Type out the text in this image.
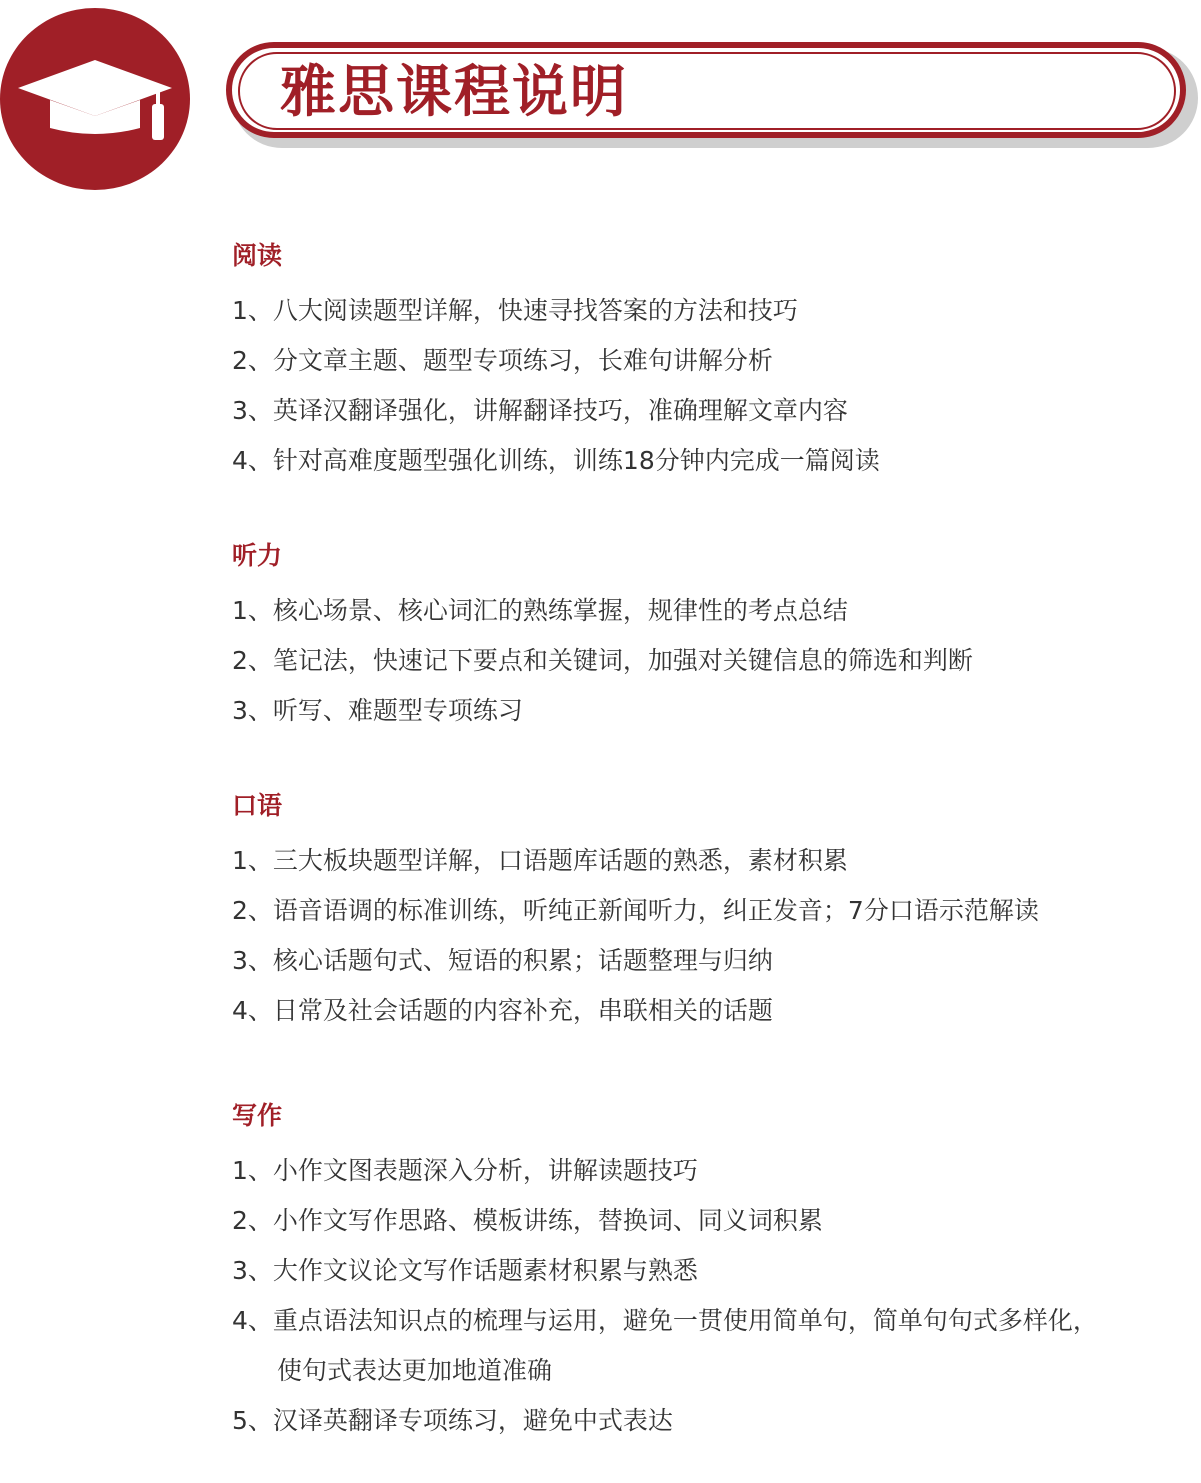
雅思课程说明
阅读
1、八大阅读题型详解，快速寻找答案的方法和技巧
2、分文章主题、题型专项练习，长难句讲解分析
3、英译汉翻译强化，讲解翻译技巧，准确理解文章内容
4、针对高难度题型强化训练，训练18分钟内完成一篇阅读
听力
1、核心场景、核心词汇的熟练掌握，规律性的考点总结
2、笔记法，快速记下要点和关键词，加强对关键信息的筛选和判断
3、听写、难题型专项练习
口语
1、三大板块题型详解，口语题库话题的熟悉，素材积累
2、语音语调的标准训练，听纯正新闻听力，纠正发音；7分口语示范解读
3、核心话题句式、短语的积累；话题整理与归纳
4、日常及社会话题的内容补充，串联相关的话题
写作
1、小作文图表题深入分析，讲解读题技巧
2、小作文写作思路、模板讲练，替换词、同义词积累
3、大作文议论文写作话题素材积累与熟悉
4、重点语法知识点的梳理与运用，避免一贯使用简单句，简单句句式多样化，
使句式表达更加地道准确
5、汉译英翻译专项练习，避免中式表达
